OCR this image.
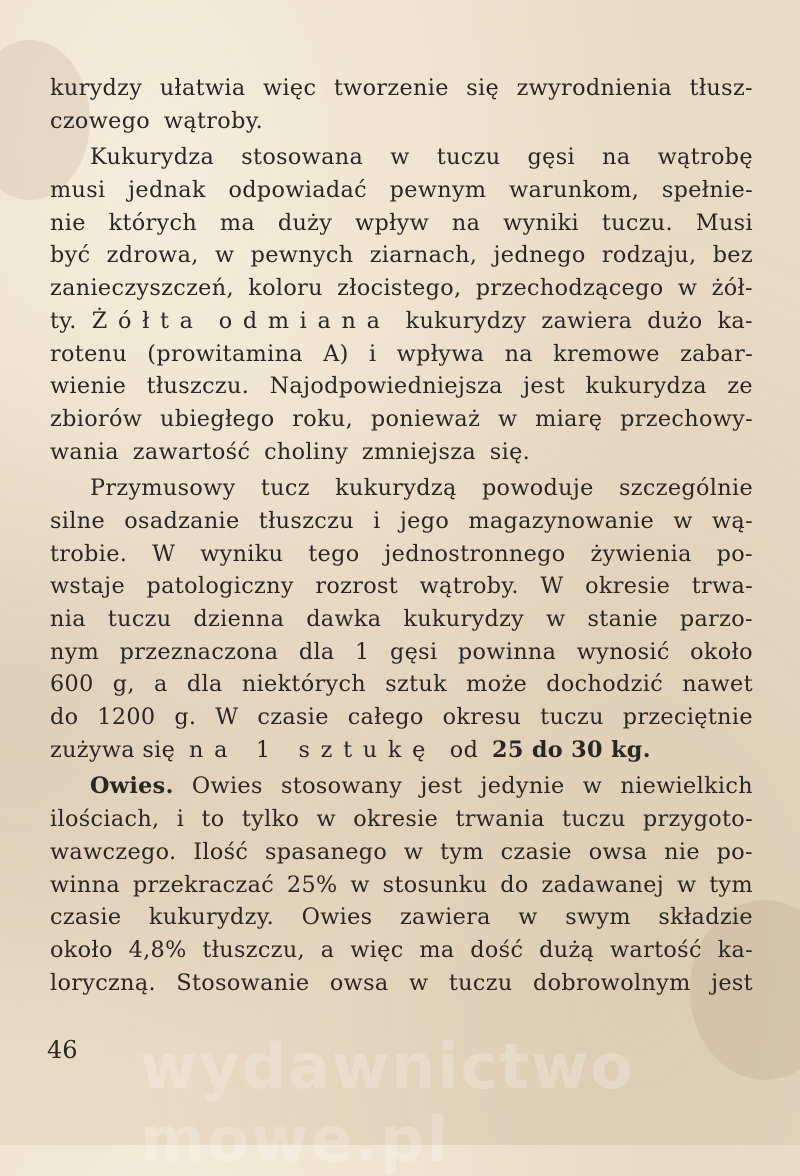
kurydzy ułatwia więc tworzenie się zwyrodnienia tłusz-
czowego wątroby.
Kukurydza stosowana w tuczu gęsi na wątrobę
musi jednak odpowiadać pewnym warunkom, spełnie-
nie których ma duży wpływ na wyniki tuczu. Musi
być zdrowa, w pewnych ziarnach, jednego rodzaju, bez
zanieczyszczeń, koloru złocistego, przechodzącego w żół-
ty. Żółta odmiana kukurydzy zawiera dużo ka-
rotenu (prowitamina A) i wpływa na kremowe zabar-
wienie tłuszczu. Najodpowiedniejsza jest kukurydza ze
zbiorów ubiegłego roku, ponieważ w miarę przechowy-
wania zawartość choliny zmniejsza się.
Przymusowy tucz kukurydzą powoduje szczególnie
silne osadzanie tłuszczu i jego magazynowanie w wą-
trobie. W wyniku tego jednostronnego żywienia po-
wstaje patologiczny rozrost wątroby. W okresie trwa-
nia tuczu dzienna dawka kukurydzy w stanie parzo-
nym przeznaczona dla 1 gęsi powinna wynosić około
600 g, a dla niektórych sztuk może dochodzić nawet
do 1200 g. W czasie całego okresu tuczu przeciętnie
zużywa się na 1 sztukę od 25 do 30 kg.
Owies. Owies stosowany jest jedynie w niewielkich
ilościach, i to tylko w okresie trwania tuczu przygoto-
wawczego. Ilość spasanego w tym czasie owsa nie po-
winna przekraczać 25% w stosunku do zadawanej w tym
czasie kukurydzy. Owies zawiera w swym składzie
około 4,8% tłuszczu, a więc ma dość dużą wartość ka-
loryczną. Stosowanie owsa w tuczu dobrowolnym jest
46 wydawnictwo mowe.pl
